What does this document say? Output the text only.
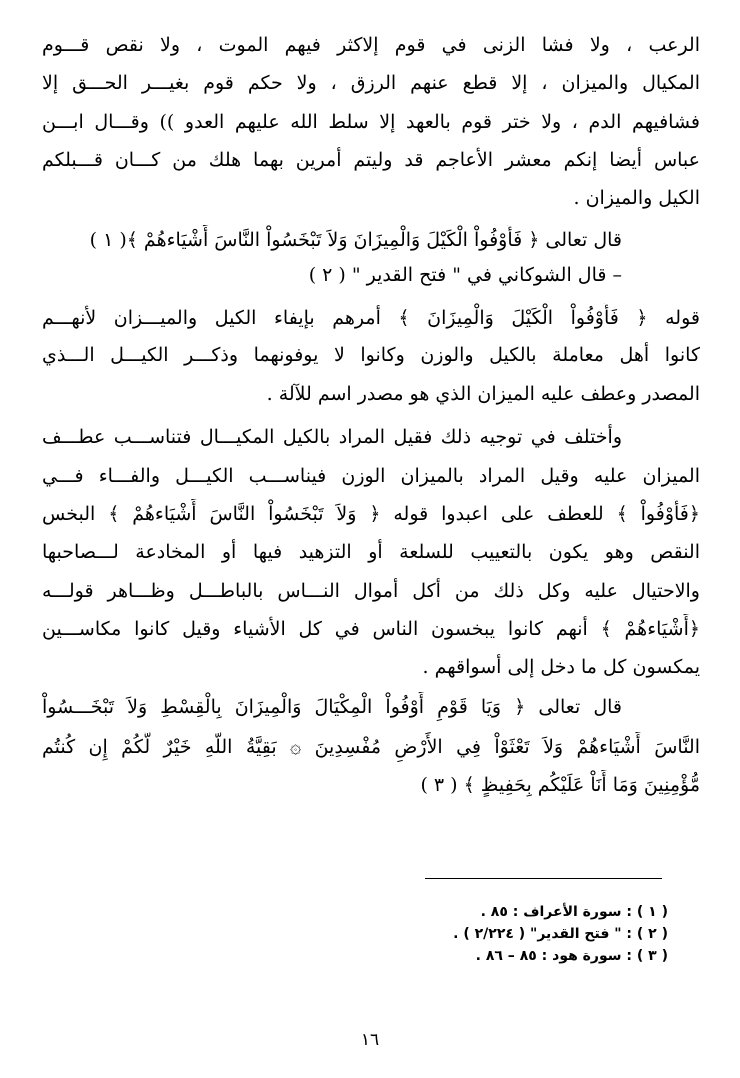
الرعب ، ولا فشا الزنى في قوم إلاكثر فيهم الموت ، ولا نقص قـــوم
المكيال والميزان ، إلا قطع عنهم الرزق ، ولا حكم قوم بغيـــر الحـــق إلا
فشافيهم الدم ، ولا ختر قوم بالعهد إلا سلط الله عليهم العدو )) وقـــال ابـــن
عباس أيضا إنكم معشر الأعاجم قد وليتم أمرين بهما هلك من كـــان قـــبلكم
الكيل والميزان .
قال تعالى ﴿ فَأَوْفُواْ الْكَيْلَ وَالْمِيزَانَ وَلاَ تَبْخَسُواْ النَّاسَ أَشْيَاءهُمْ ﴾( ١ )
– قال الشوكاني في " فتح القدير " ( ٢ )
قوله ﴿ فَأَوْفُواْ الْكَيْلَ وَالْمِيزَانَ ﴾ أمرهم بإيفاء الكيل والميـــزان لأنهـــم
كانوا أهل معاملة بالكيل والوزن وكانوا لا يوفونهما وذكـــر الكيـــل الـــذي
المصدر وعطف عليه الميزان الذي هو مصدر اسم للآلة .
وأختلف في توجيه ذلك فقيل المراد بالكيل المكيـــال فتناســـب عطـــف
الميزان عليه وقيل المراد بالميزان الوزن فيناســـب الكيـــل والفـــاء فـــي
﴿فَأَوْفُواْ ﴾ للعطف على اعبدوا قوله ﴿ وَلاَ تَبْخَسُواْ النَّاسَ أَشْيَاءهُمْ ﴾ البخس
النقص وهو يكون بالتعييب للسلعة أو التزهيد فيها أو المخادعة لـــصاحبها
والاحتيال عليه وكل ذلك من أكل أموال النـــاس بالباطـــل وظـــاهر قولـــه
﴿أَشْيَاءهُمْ ﴾ أنهم كانوا يبخسون الناس في كل الأشياء وقيل كانوا مكاســـين
يمكسون كل ما دخل إلى أسواقهم .
قال تعالى ﴿ وَيَا قَوْمِ أَوْفُواْ الْمِكْيَالَ وَالْمِيزَانَ بِالْقِسْطِ وَلاَ تَبْخَـــسُواْ
النَّاسَ أَشْيَاءهُمْ وَلاَ تَعْثَوْاْ فِي الأَرْضِ مُفْسِدِينَ ۞ بَقِيَّةُ اللّهِ خَيْرٌ لَّكُمْ إِن كُنتُم
مُّؤْمِنِينَ وَمَا أَنَاْ عَلَيْكُم بِحَفِيظٍ ﴾ ( ٣ )
( ١ ) : سورة الأعراف : ٨٥ .
( ٢ ) : " فتح القدير" ( ٢/٢٢٤ ) .
( ٣ ) : سورة هود : ٨٥ – ٨٦ .
١٦
